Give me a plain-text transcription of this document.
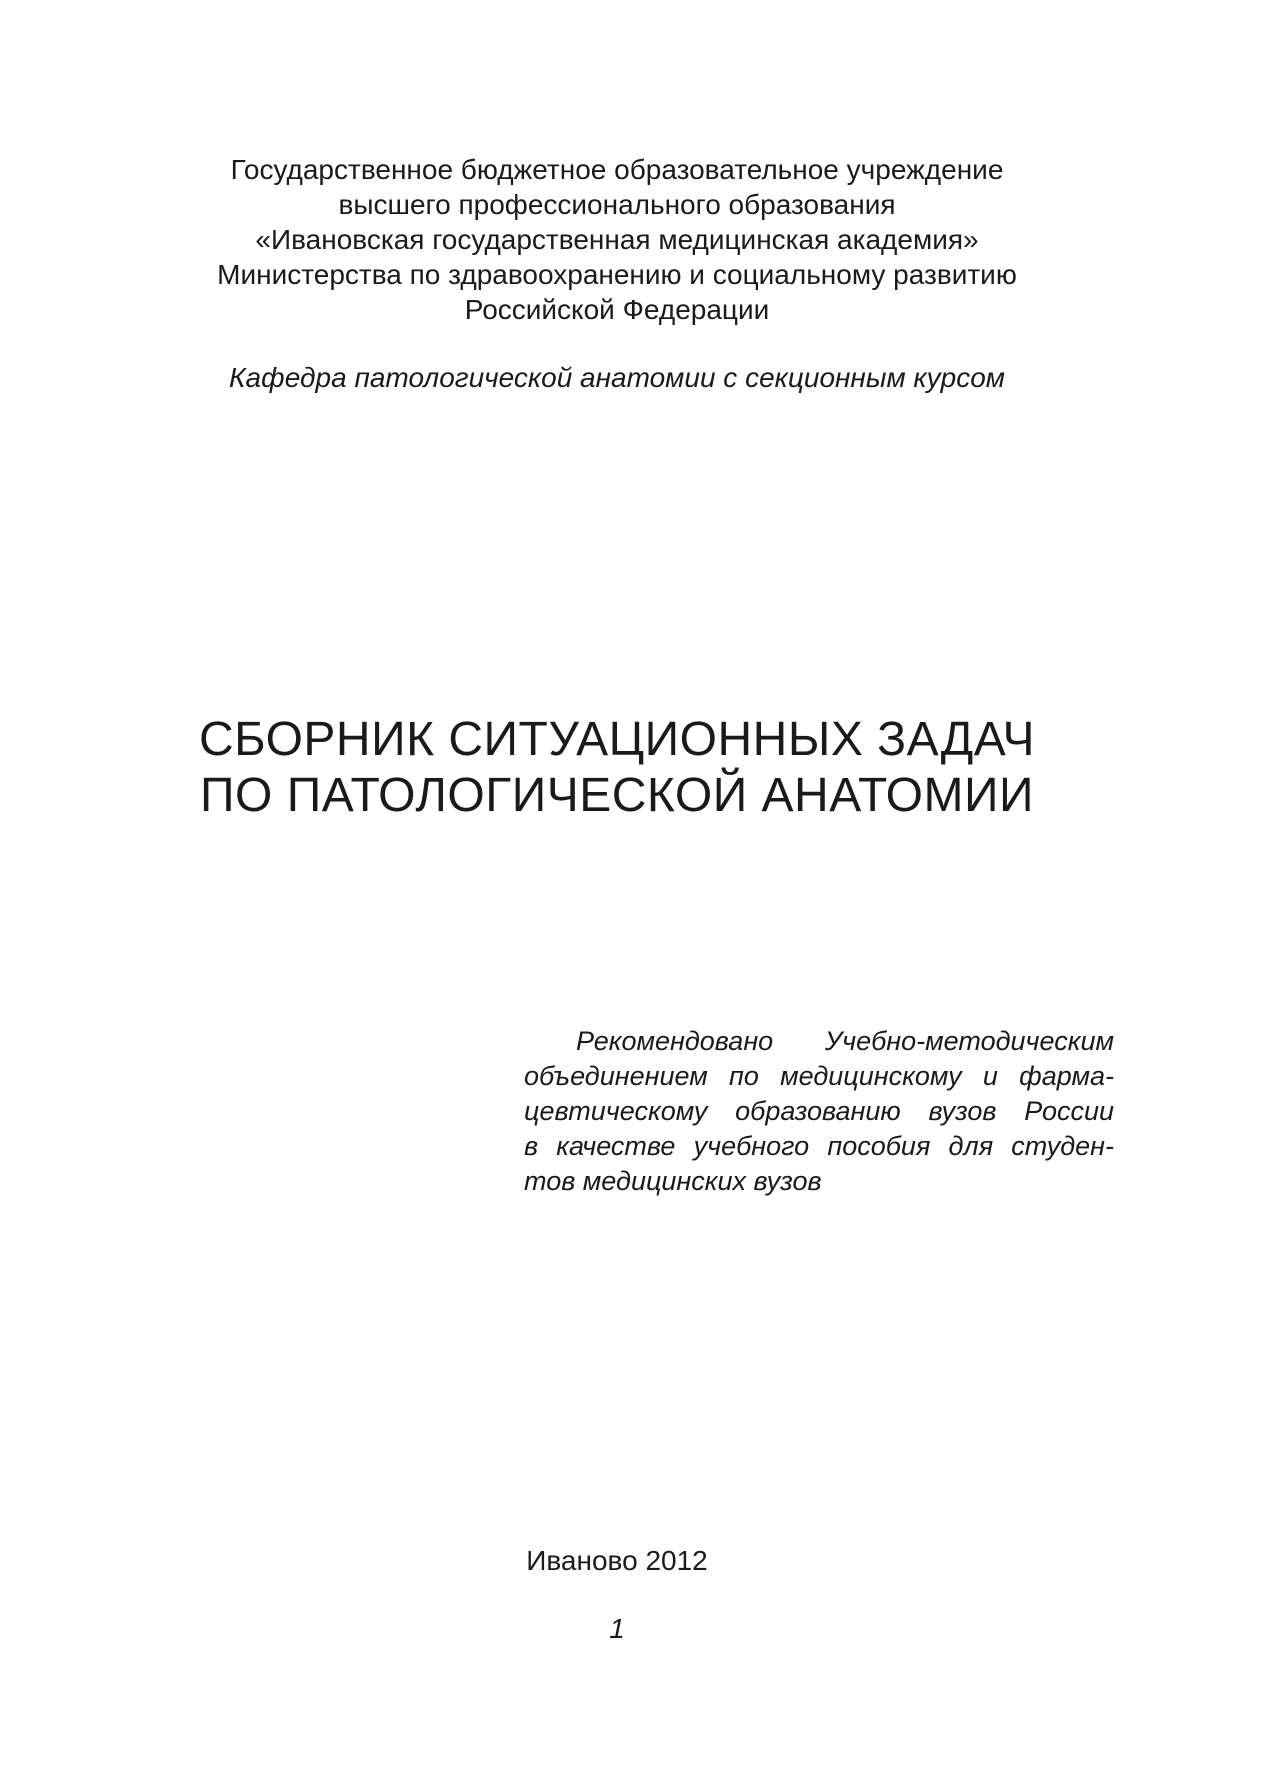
Государственное бюджетное образовательное учреждение
высшего профессионального образования
«Ивановская государственная медицинская академия»
Министерства по здравоохранению и социальному развитию
Российской Федерации
Кафедра патологической анатомии с секционным курсом
СБОРНИК СИТУАЦИОННЫХ ЗАДАЧ
ПО ПАТОЛОГИЧЕСКОЙ АНАТОМИИ
Рекомендовано Учебно-методическим
объединением по медицинскому и фарма-
цевтическому образованию вузов России
в качестве учебного пособия для студен-
тов медицинских вузов
Иваново 2012
1
